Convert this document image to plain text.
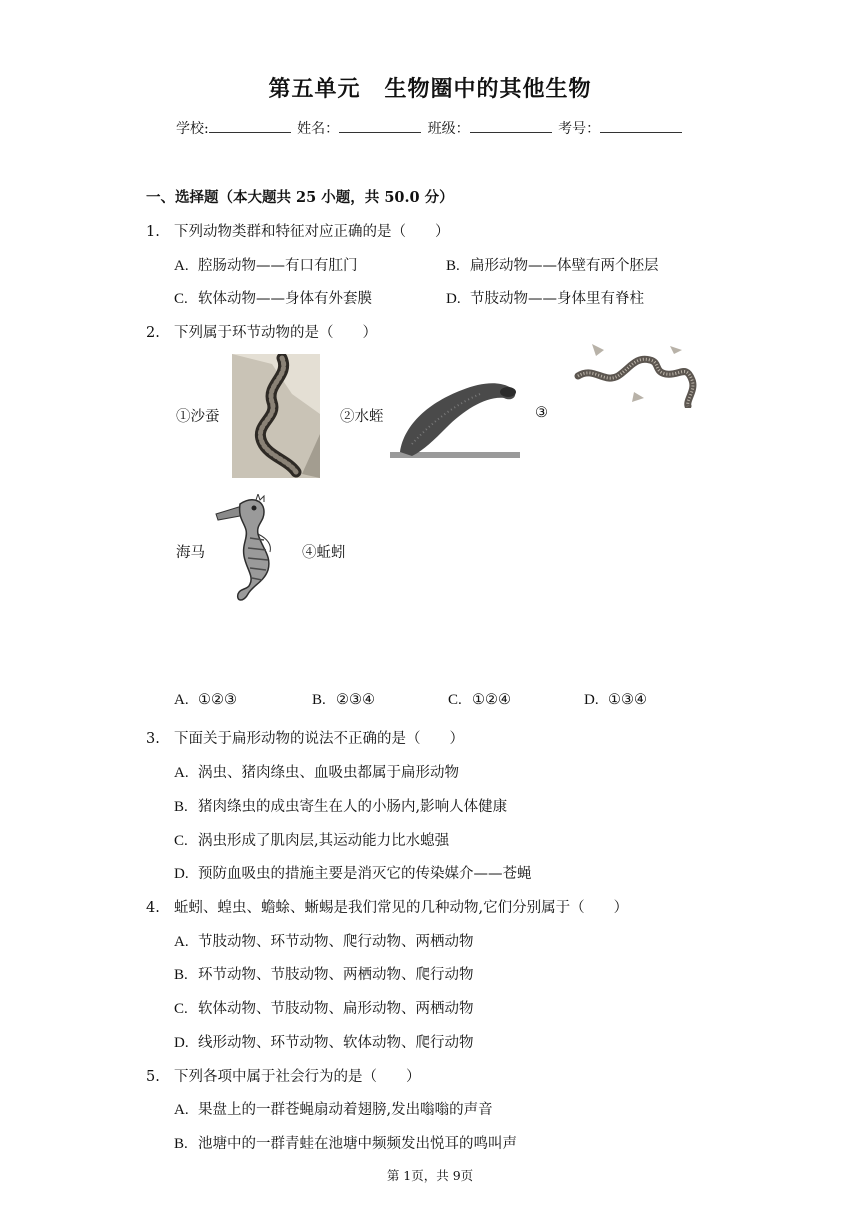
第五单元 生物圈中的其他生物
学校:	姓名：	班级：	考号：
一、选择题（本大题共 25 小题，共 50.0 分）
1. 下列动物类群和特征对应正确的是（　　）
A. 腔肠动物——有口有肛门	B. 扁形动物——体壁有两个胚层
C. 软体动物——身体有外套膜	D. 节肢动物——身体里有脊柱
2. 下列属于环节动物的是（　　）
①沙蚕	②水蛭	③
海马	④蚯蚓
A. ①②③	B. ②③④	C. ①②④	D. ①③④
3. 下面关于扁形动物的说法不正确的是（　　）
A. 涡虫、猪肉绦虫、血吸虫都属于扁形动物
B. 猪肉绦虫的成虫寄生在人的小肠内,影响人体健康
C. 涡虫形成了肌肉层,其运动能力比水螅强
D. 预防血吸虫的措施主要是消灭它的传染媒介——苍蝇
4. 蚯蚓、蝗虫、蟾蜍、蜥蜴是我们常见的几种动物,它们分别属于（　　）
A. 节肢动物、环节动物、爬行动物、两栖动物
B. 环节动物、节肢动物、两栖动物、爬行动物
C. 软体动物、节肢动物、扁形动物、两栖动物
D. 线形动物、环节动物、软体动物、爬行动物
5. 下列各项中属于社会行为的是（　　）
A. 果盘上的一群苍蝇扇动着翅膀,发出嗡嗡的声音
B. 池塘中的一群青蛙在池塘中频频发出悦耳的鸣叫声
第 1页，共 9页
